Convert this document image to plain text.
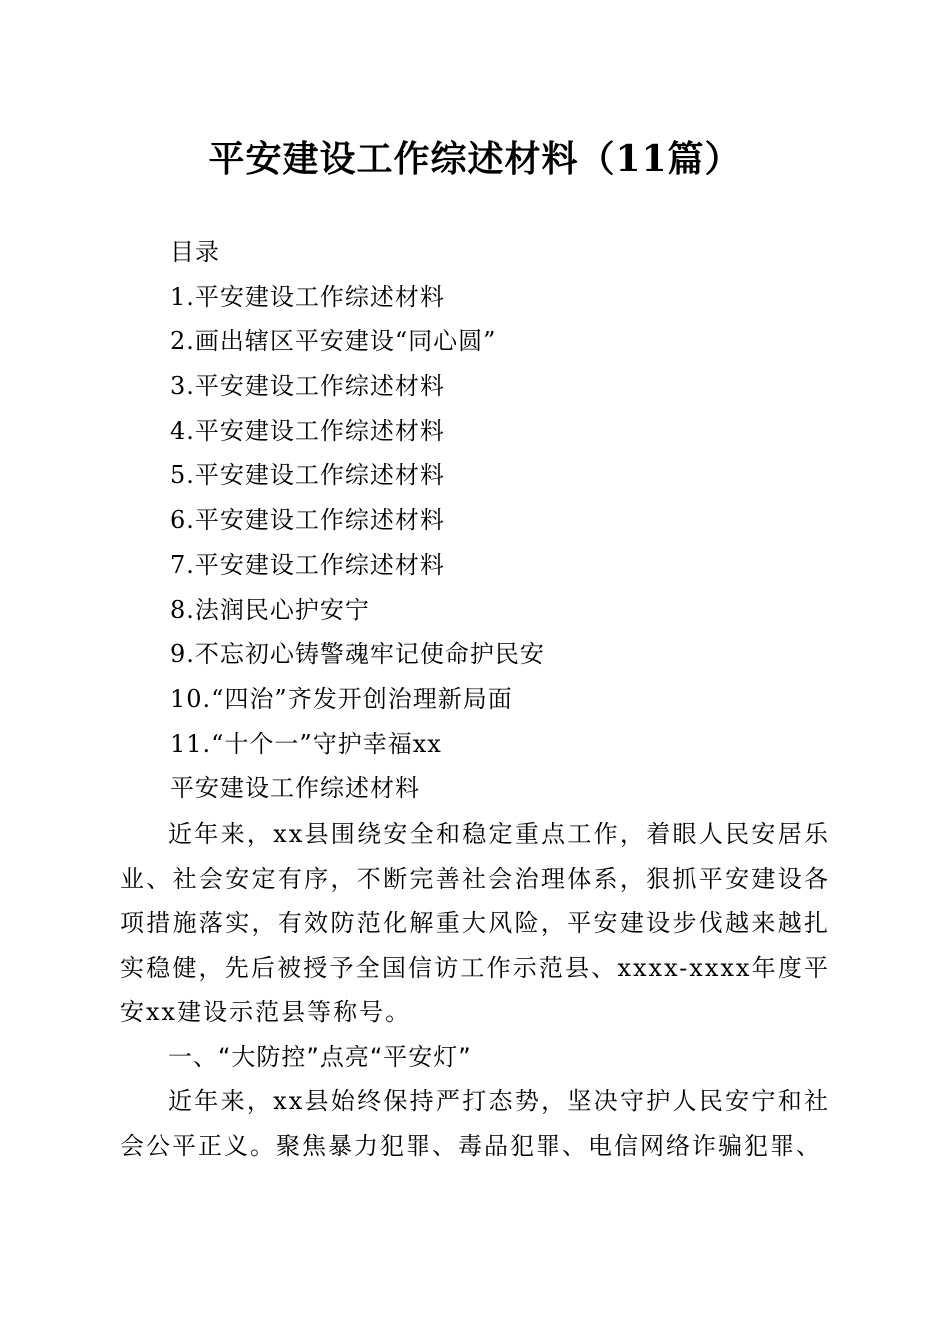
平安建设工作综述材料（11篇）
目录
1.平安建设工作综述材料
2.画出辖区平安建设“同心圆”
3.平安建设工作综述材料
4.平安建设工作综述材料
5.平安建设工作综述材料
6.平安建设工作综述材料
7.平安建设工作综述材料
8.法润民心护安宁
9.不忘初心铸警魂牢记使命护民安
10.“四治”齐发开创治理新局面
11.“十个一”守护幸福xx
平安建设工作综述材料

近年来，xx县围绕安全和稳定重点工作，着眼人民安居乐业、社会安定有序，不断完善社会治理体系，狠抓平安建设各项措施落实，有效防范化解重大风险，平安建设步伐越来越扎实稳健，先后被授予全国信访工作示范县、xxxx-xxxx年度平安xx建设示范县等称号。

一、“大防控”点亮“平安灯”

近年来，xx县始终保持严打态势，坚决守护人民安宁和社会公平正义。聚焦暴力犯罪、毒品犯罪、电信网络诈骗犯罪、
